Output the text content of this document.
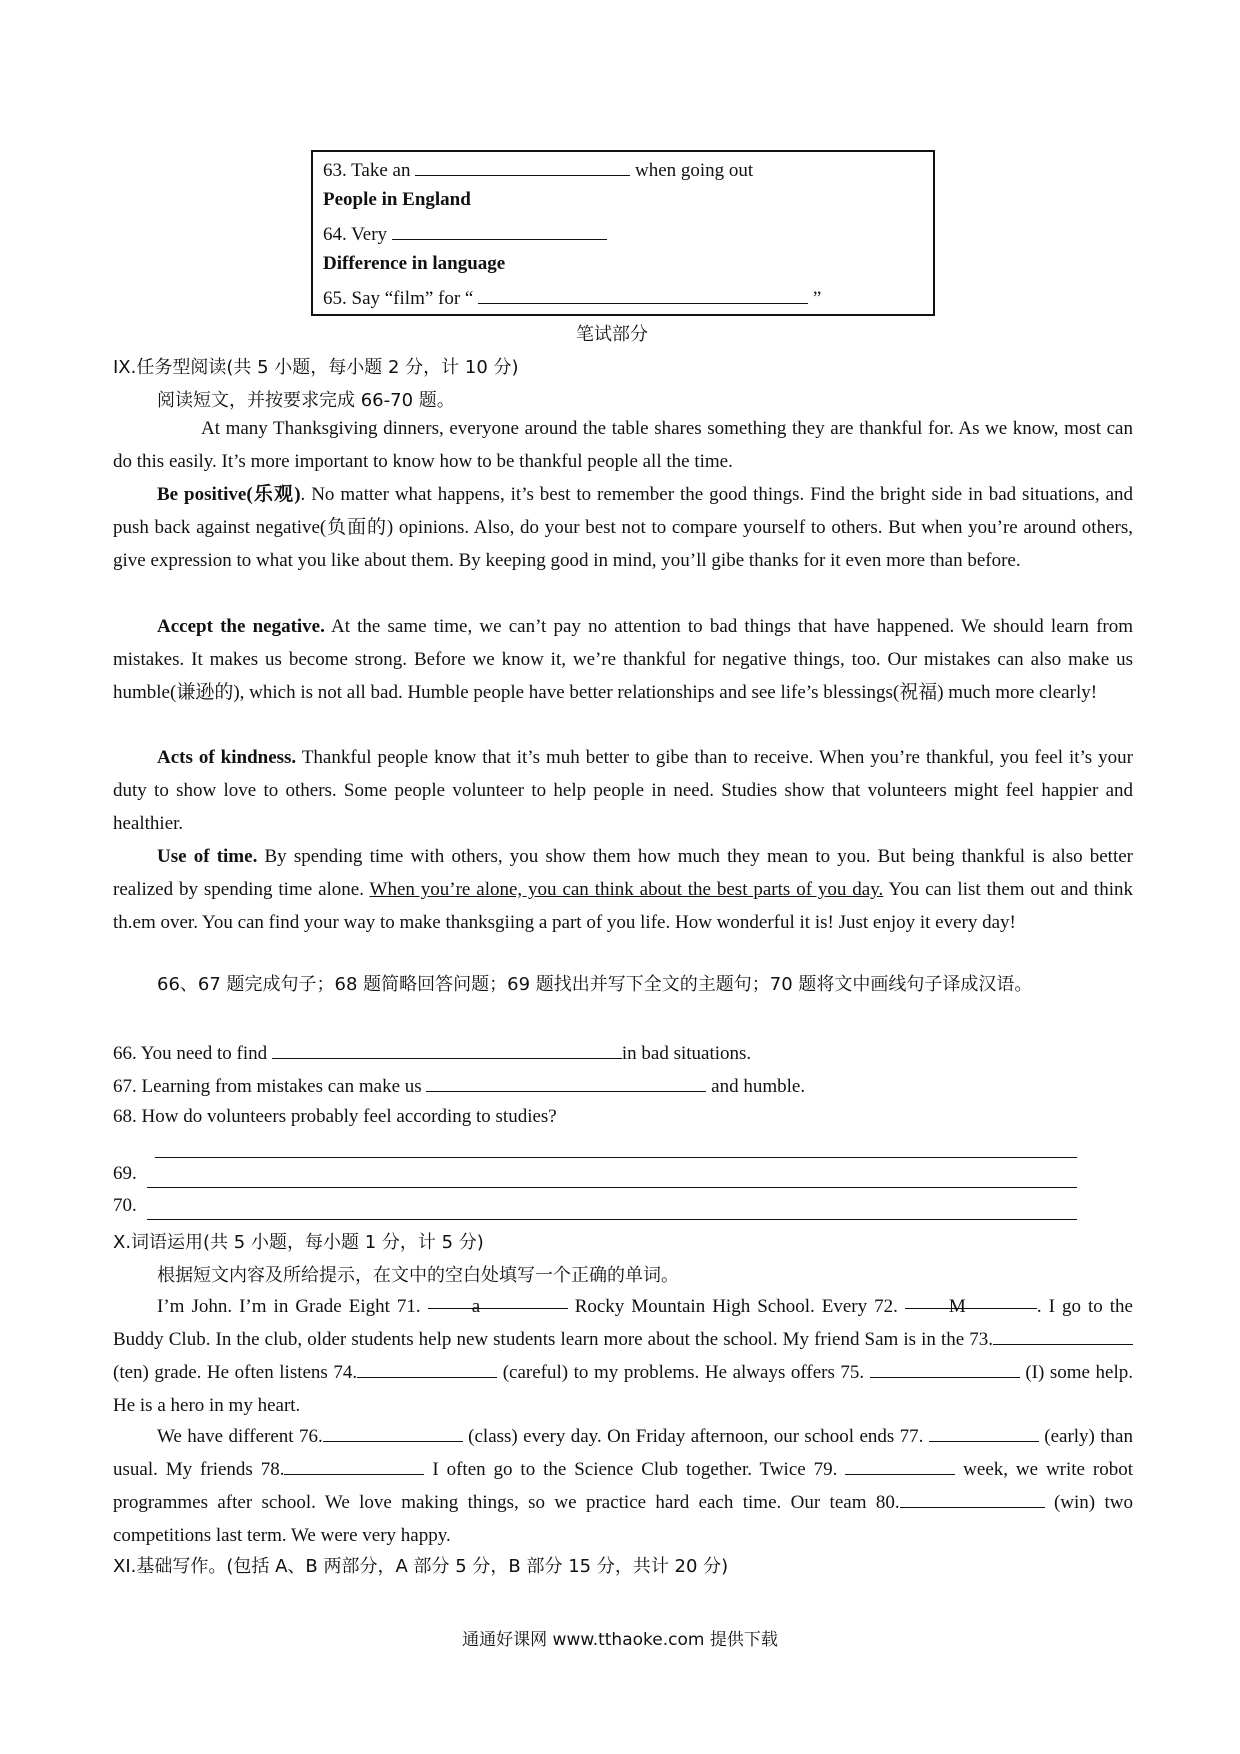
63. Take an	when going out
People in England
64. Very
Difference in language
65. Say “film” for “	”
笔试部分
IX.任务型阅读(共 5 小题，每小题 2 分，计 10 分)
阅读短文，并按要求完成 66-70 题。
At many Thanksgiving dinners, everyone around the table shares something they are thankful for. As we know, most can do this easily. It’s more important to know how to be thankful people all the time.
Be positive(乐观). No matter what happens, it’s best to remember the good things. Find the bright side in bad situations, and push back against negative(负面的) opinions. Also, do your best not to compare yourself to others. But when you’re around others, give expression to what you like about them. By keeping good in mind, you’ll gibe thanks for it even more than before.
Accept the negative. At the same time, we can’t pay no attention to bad things that have happened. We should learn from mistakes. It makes us become strong. Before we know it, we’re thankful for negative things, too. Our mistakes can also make us humble(谦逊的), which is not all bad. Humble people have better relationships and see life’s blessings(祝福) much more clearly!
Acts of kindness. Thankful people know that it’s muh better to gibe than to receive. When you’re thankful, you feel it’s your duty to show love to others. Some people volunteer to help people in need. Studies show that volunteers might feel happier and healthier.
Use of time. By spending time with others, you show them how much they mean to you. But being thankful is also better realized by spending time alone. When you’re alone, you can think about the best parts of you day. You can list them out and think th.em over. You can find your way to make thanksgiing a part of you life. How wonderful it is! Just enjoy it every day!
66、67 题完成句子；68 题简略回答问题；69 题找出并写下全文的主题句；70 题将文中画线句子译成汉语。
66. You need to find	in bad situations.
67. Learning from mistakes can make us	and humble.
68. How do volunteers probably feel according to studies?
69.
70.
X.词语运用(共 5 小题，每小题 1 分，计 5 分)
根据短文内容及所给提示，在文中的空白处填写一个正确的单词。
I’m John. I’m in Grade Eight 71. a	Rocky Mountain High School. Every 72. M	. I go to the Buddy Club. In the club, older students help new students learn more about the school. My friend Sam is in the 73. (ten) grade. He often listens 74.	(careful) to my problems. He always offers 75.	(I) some help. He is a hero in my heart.
We have different 76.	(class) every day. On Friday afternoon, our school ends 77.	(early) than usual. My friends 78.	I often go to the Science Club together. Twice 79.	week, we write robot programmes after school. We love making things, so we practice hard each time. Our team 80.	(win) two competitions last term. We were very happy.
XI.基础写作。(包括 A、B 两部分，A 部分 5 分，B 部分 15 分，共计 20 分)
通通好课网 www.tthaoke.com 提供下载
